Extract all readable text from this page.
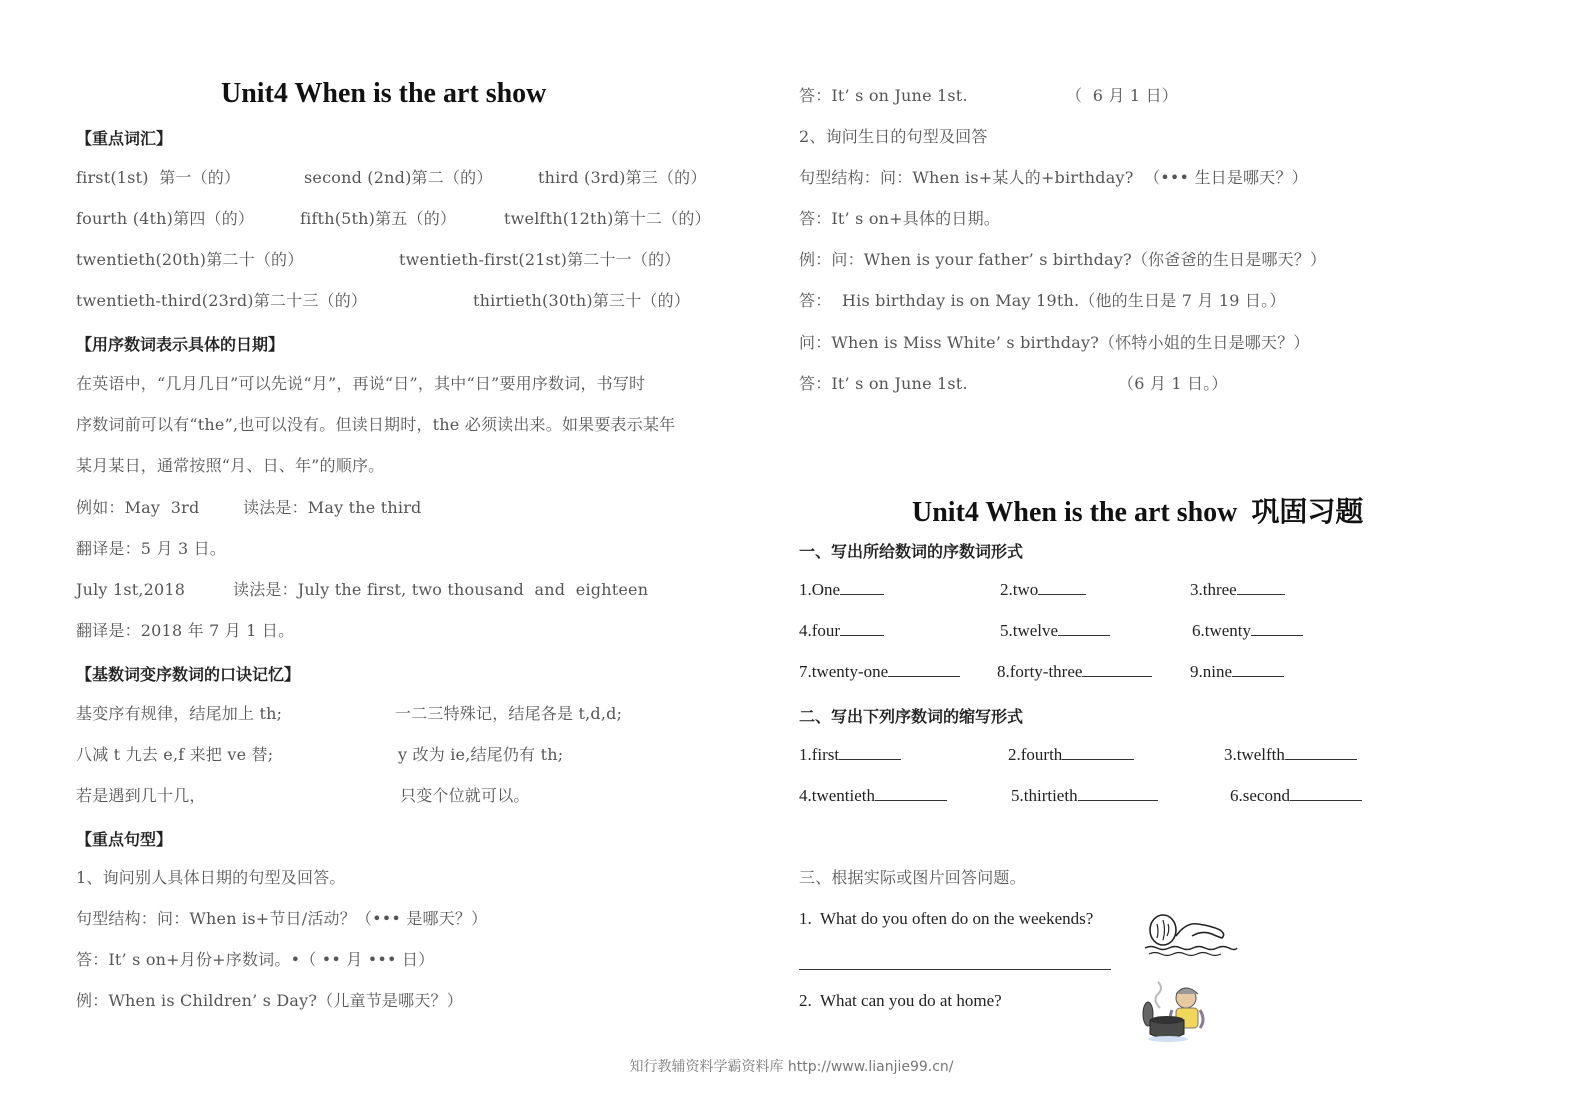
Unit4 When is the art show
【重点词汇】
first(1st)  第一（的）	second (2nd)第二（的）	third (3rd)第三（的）
fourth (4th)第四（的）	fifth(5th)第五（的）	twelfth(12th)第十二（的）
twentieth(20th)第二十（的）	twentieth-first(21st)第二十一（的）
twentieth-third(23rd)第二十三（的）	thirtieth(30th)第三十（的）
【用序数词表示具体的日期】
在英语中，“几月几日”可以先说“月”，再说“日”，其中“日”要用序数词，书写时
序数词前可以有“the”,也可以没有。但读日期时，the 必须读出来。如果要表示某年
某月某日，通常按照“月、日、年”的顺序。
例如：May  3rd	读法是：May the third
翻译是：5 月 3 日。
July 1st,2018	读法是：July the first, two thousand  and  eighteen
翻译是：2018 年 7 月 1 日。
【基数词变序数词的口诀记忆】
基变序有规律，结尾加上 th;	一二三特殊记，结尾各是 t,d,d;
八减 t 九去 e,f 来把 ve 替;	y 改为 ie,结尾仍有 th;
若是遇到几十几，	只变个位就可以。
【重点句型】
1、询问别人具体日期的句型及回答。
句型结构：问：When is+节日/活动？（••• 是哪天？）
答：It’ s on+月份+序数词。•（ •• 月 ••• 日）
例：When is Children’ s Day?（儿童节是哪天？）
答：It’ s on June 1st.	（  6 月 1 日）
2、询问生日的句型及回答
句型结构：问：When is+某人的+birthday?  （••• 生日是哪天？）
答：It’ s on+具体的日期。
例：问：When is your father’ s birthday?（你爸爸的生日是哪天？）
答：  His birthday is on May 19th.（他的生日是 7 月 19 日。）
问：When is Miss White’ s birthday?（怀特小姐的生日是哪天？）
答：It’ s on June 1st.	（6 月 1 日。）
Unit4 When is the art show  巩固习题
一、写出所给数词的序数词形式
1.One	2.two	3.three
4.four	5.twelve	6.twenty
7.twenty-one	8.forty-three	9.nine
二、写出下列序数词的缩写形式
1.first	2.fourth	3.twelfth
4.twentieth	5.thirtieth	6.second
三、根据实际或图片回答问题。
1. What do you often do on the weekends?
2. What can you do at home?
知行教辅资料学霸资料库 http://www.lianjie99.cn/
